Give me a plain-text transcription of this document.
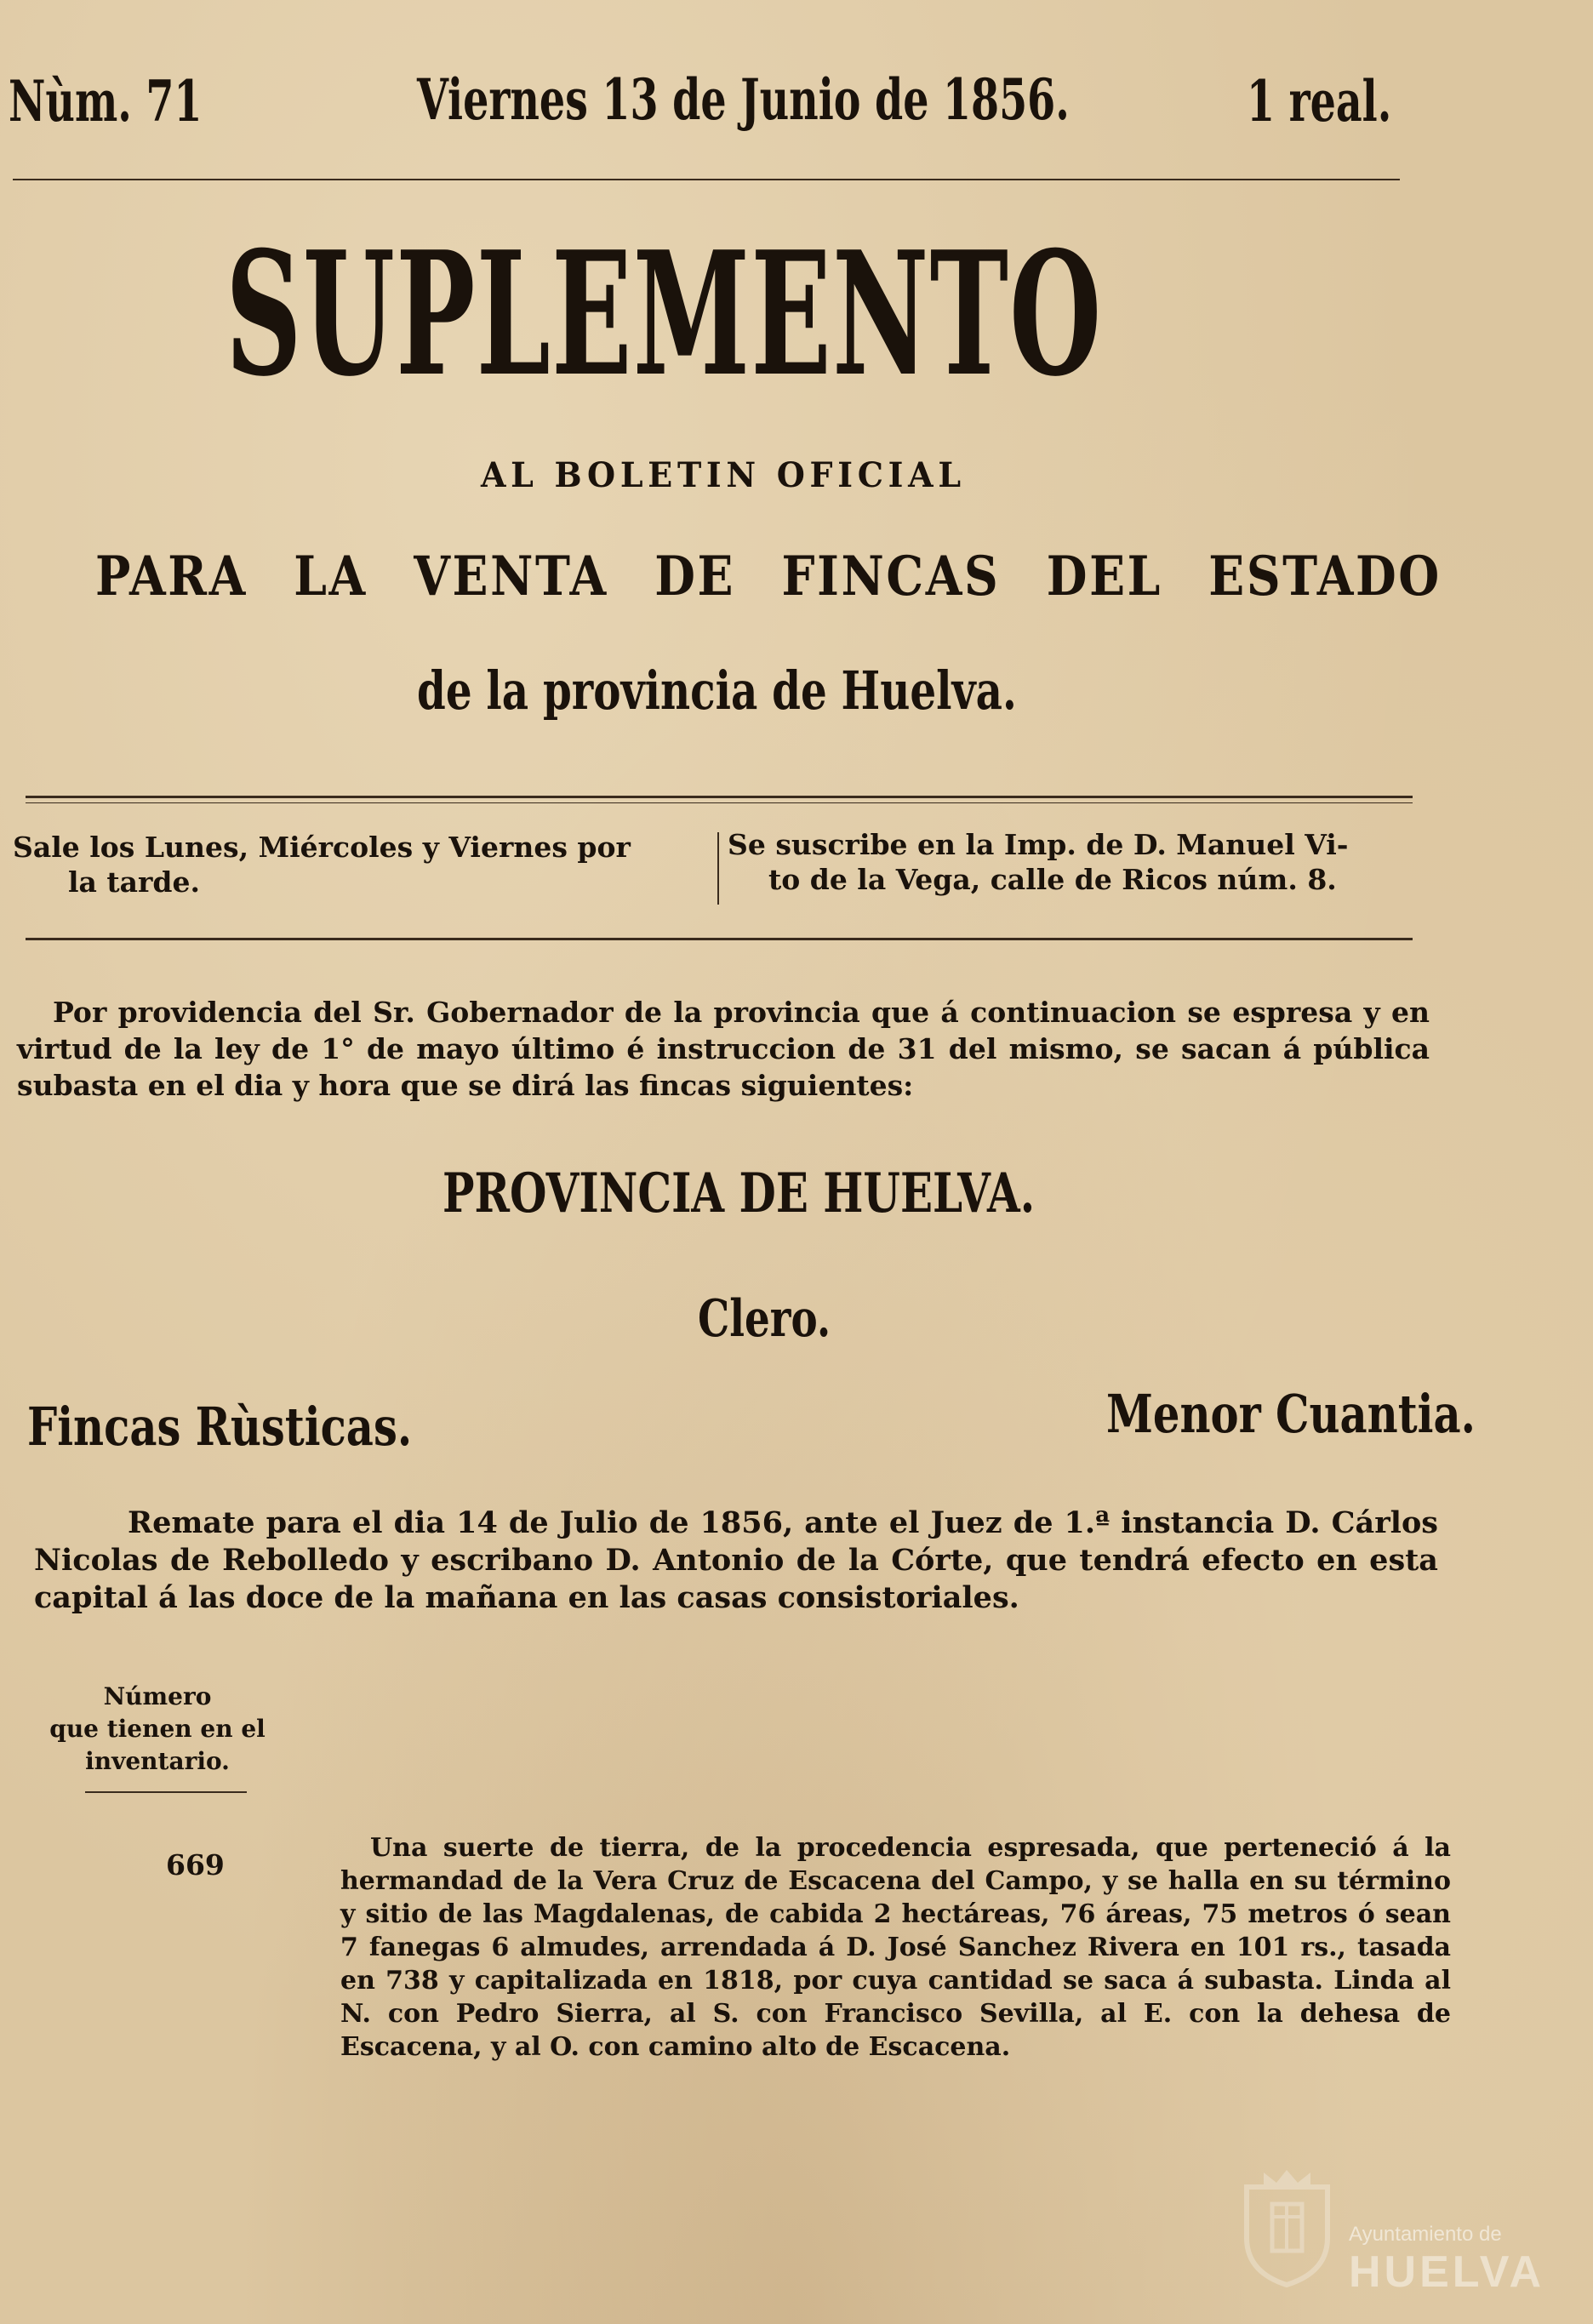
Nùm. 71	Viernes 13 de Junio de 1856.	1 real.
SUPLEMENTO
AL BOLETIN OFICIAL
PARA LA VENTA DE FINCAS DEL ESTADO
de la provincia de Huelva.
Sale los Lunes, Miércoles y Viernes por
la tarde.
Se suscribe en la Imp. de D. Manuel Vi-
to de la Vega, calle de Ricos núm. 8.
Por providencia del Sr. Gobernador de la provincia que á continuacion se espresa y en virtud de la ley de 1° de mayo último é instruccion de 31 del mismo, se sacan á pública subasta en el dia y hora que se dirá las fincas siguientes:
PROVINCIA DE HUELVA.
Clero.
Fincas Rùsticas.	Menor Cuantia.
Remate para el dia 14 de Julio de 1856, ante el Juez de 1.ª instancia D. Cárlos Nicolas de Rebolledo y escribano D. Antonio de la Córte, que tendrá efecto en esta capital á las doce de la mañana en las casas consistoriales.
Número
que tienen en el
inventario.
669
Una suerte de tierra, de la procedencia espresada, que perteneció á la hermandad de la Vera Cruz de Escacena del Campo, y se halla en su término y sitio de las Magdalenas, de cabida 2 hectáreas, 76 áreas, 75 metros ó sean 7 fanegas 6 almudes, arrendada á D. José Sanchez Rivera en 101 rs., tasada en 738 y capitalizada en 1818, por cuya cantidad se saca á subasta. Linda al N. con Pedro Sierra, al S. con Francisco Sevilla, al E. con la dehesa de Escacena, y al O. con camino alto de Escacena.
Ayuntamiento de
HUELVA
